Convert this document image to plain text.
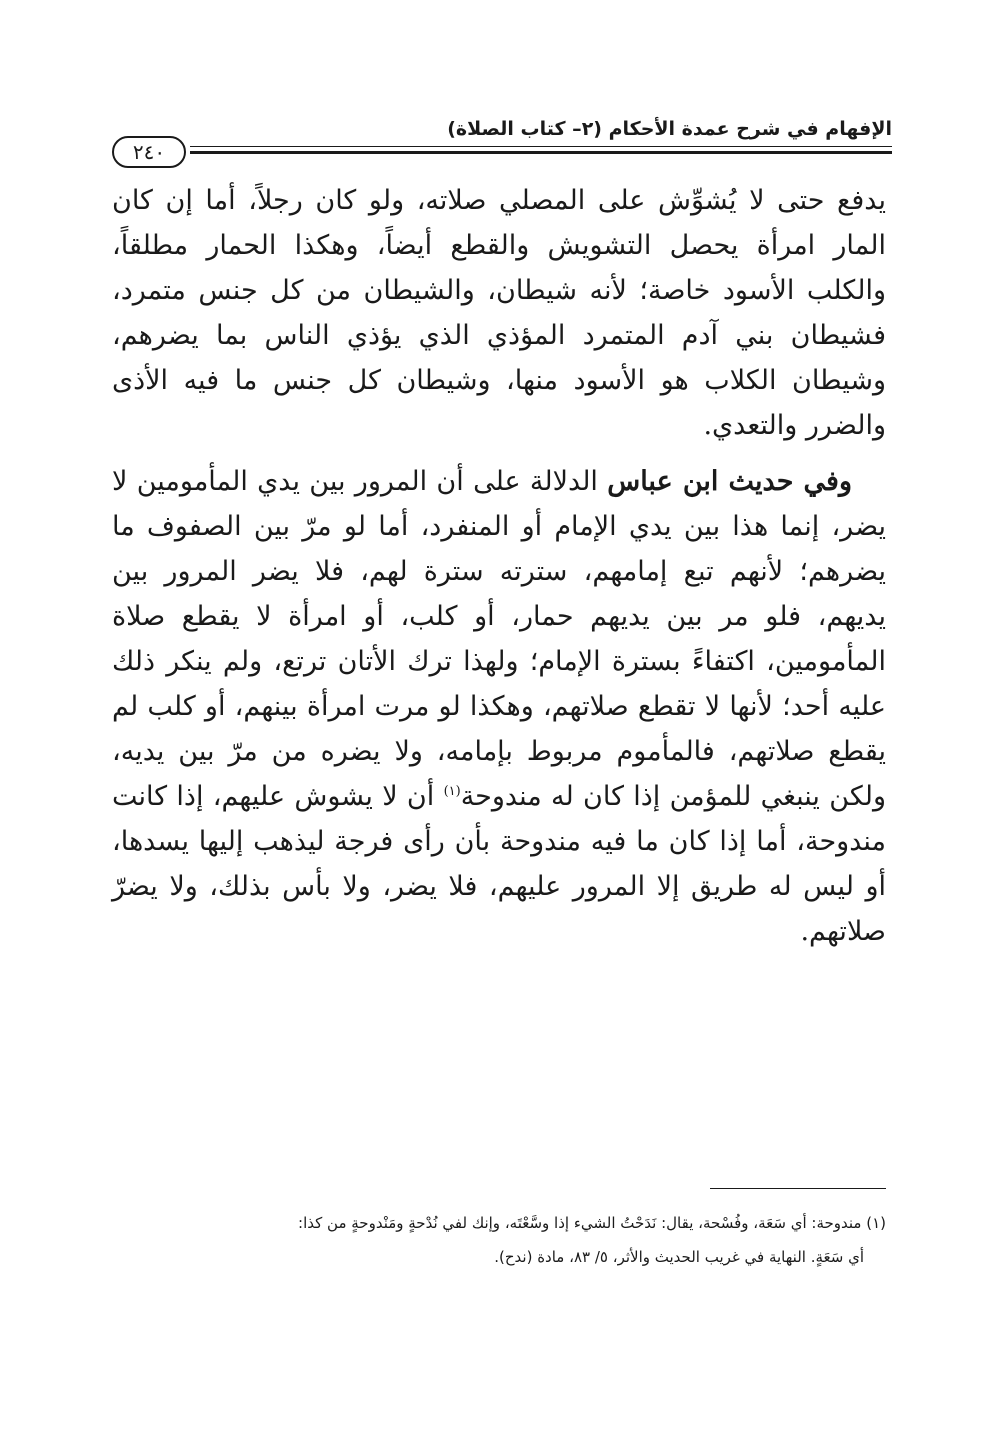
الإفهام في شرح عمدة الأحكام (٢– كتاب الصلاة)
٢٤٠

يدفع حتى لا يُشوِّش على المصلي صلاته، ولو كان رجلاً، أما إن كان المار امرأة يحصل التشويش والقطع أيضاً، وهكذا الحمار مطلقاً، والكلب الأسود خاصة؛ لأنه شيطان، والشيطان من كل جنس متمرد، فشيطان بني آدم المتمرد المؤذي الذي يؤذي الناس بما يضرهم، وشيطان الكلاب هو الأسود منها، وشيطان كل جنس ما فيه الأذى والضرر والتعدي.

وفي حديث ابن عباس الدلالة على أن المرور بين يدي المأمومين لا يضر، إنما هذا بين يدي الإمام أو المنفرد، أما لو مرّ بين الصفوف ما يضرهم؛ لأنهم تبع إمامهم، سترته سترة لهم، فلا يضر المرور بين يديهم، فلو مر بين يديهم حمار، أو كلب، أو امرأة لا يقطع صلاة المأمومين، اكتفاءً بسترة الإمام؛ ولهذا ترك الأتان ترتع، ولم ينكر ذلك عليه أحد؛ لأنها لا تقطع صلاتهم، وهكذا لو مرت امرأة بينهم، أو كلب لم يقطع صلاتهم، فالمأموم مربوط بإمامه، ولا يضره من مرّ بين يديه، ولكن ينبغي للمؤمن إذا كان له مندوحة$^{(١)}$ أن لا يشوش عليهم، إذا كانت مندوحة، أما إذا كان ما فيه مندوحة بأن رأى فرجة ليذهب إليها يسدها، أو ليس له طريق إلا المرور عليهم، فلا يضر، ولا بأس بذلك، ولا يضرّ صلاتهم.

(١) مندوحة: أي سَعَة، وفُسْحة، يقال: نَدَحْتُ الشيء إذا وسَّعْتَه، وإنك لفي نُدْحةٍ ومَنْدوحةٍ من كذا:

أي سَعَةٍ. النهاية في غريب الحديث والأثر، ٥/ ٨٣، مادة (ندح).
